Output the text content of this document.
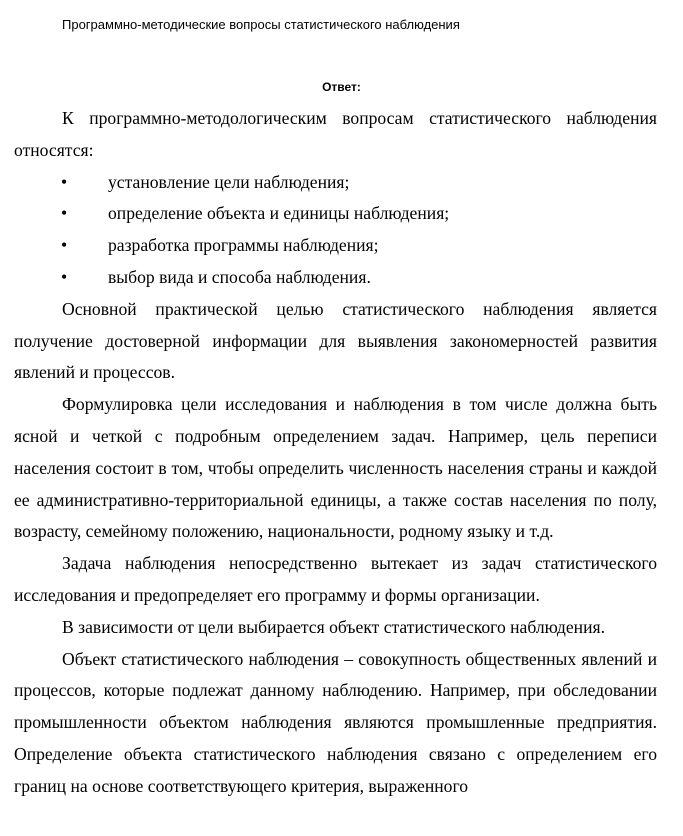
Программно-методические вопросы статистического наблюдения
Ответ:

К программно-методологическим вопросам статистического наблюдения относятся:

• установление цели наблюдения;
• определение объекта и единицы наблюдения;
• разработка программы наблюдения;
• выбор вида и способа наблюдения.

Основной практической целью статистического наблюдения является получение достоверной информации для выявления закономерностей развития явлений и процессов.

Формулировка цели исследования и наблюдения в том числе должна быть ясной и четкой с подробным определением задач. Например, цель переписи населения состоит в том, чтобы определить численность населения страны и каждой ее административно-территориальной единицы, а также состав населения по полу, возрасту, семейному положению, национальности, родному языку и т.д.

Задача наблюдения непосредственно вытекает из задач статистического исследования и предопределяет его программу и формы организации.

В зависимости от цели выбирается объект статистического наблюдения.

Объект статистического наблюдения – совокупность общественных явлений и процессов, которые подлежат данному наблюдению. Например, при обследовании промышленности объектом наблюдения являются промышленные предприятия. Определение объекта статистического наблюдения связано с определением его границ на основе соответствующего критерия, выраженного
